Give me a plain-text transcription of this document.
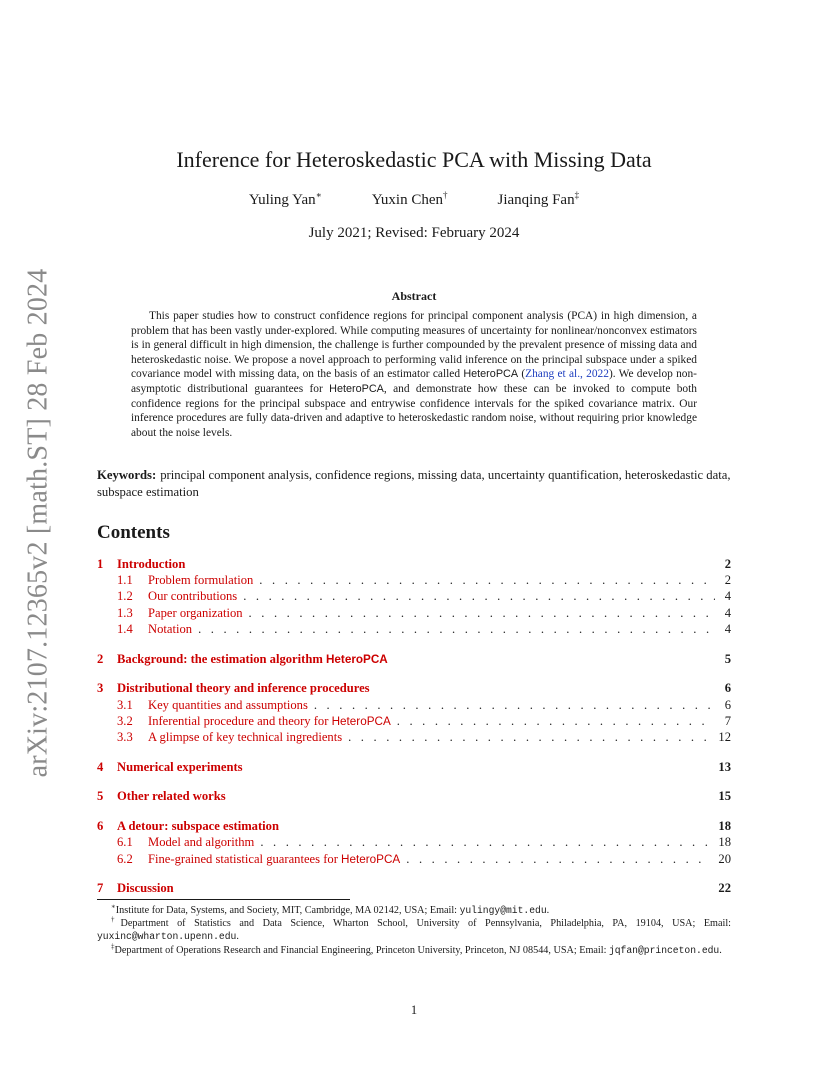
arXiv:2107.12365v2 [math.ST] 28 Feb 2024
Inference for Heteroskedastic PCA with Missing Data
Yuling Yan∗	Yuxin Chen†	Jianqing Fan‡
July 2021; Revised: February 2024
Abstract
This paper studies how to construct confidence regions for principal component analysis (PCA) in high dimension, a problem that has been vastly under-explored. While computing measures of uncertainty for nonlinear/nonconvex estimators is in general difficult in high dimension, the challenge is further compounded by the prevalent presence of missing data and heteroskedastic noise. We propose a novel approach to performing valid inference on the principal subspace under a spiked covariance model with missing data, on the basis of an estimator called HeteroPCA (Zhang et al., 2022). We develop non-asymptotic distributional guarantees for HeteroPCA, and demonstrate how these can be invoked to compute both confidence regions for the principal subspace and entrywise confidence intervals for the spiked covariance matrix. Our inference procedures are fully data-driven and adaptive to heteroskedastic random noise, without requiring prior knowledge about the noise levels.
Keywords: principal component analysis, confidence regions, missing data, uncertainty quantification, heteroskedastic data, subspace estimation
Contents
1	Introduction	2
1.1	Problem formulation . . .	2
1.2	Our contributions . . .	4
1.3	Paper organization . . .	4
1.4	Notation . . .	4
2	Background: the estimation algorithm HeteroPCA	5
3	Distributional theory and inference procedures	6
3.1	Key quantities and assumptions . . .	6
3.2	Inferential procedure and theory for HeteroPCA . . .	7
3.3	A glimpse of key technical ingredients . . .	12
4	Numerical experiments	13
5	Other related works	15
6	A detour: subspace estimation	18
6.1	Model and algorithm . . .	18
6.2	Fine-grained statistical guarantees for HeteroPCA . . .	20
7	Discussion	22

∗Institute for Data, Systems, and Society, MIT, Cambridge, MA 02142, USA; Email: yulingy@mit.edu.

†Department of Statistics and Data Science, Wharton School, University of Pennsylvania, Philadelphia, PA, 19104, USA; Email: yuxinc@wharton.upenn.edu.

‡Department of Operations Research and Financial Engineering, Princeton University, Princeton, NJ 08544, USA; Email: jqfan@princeton.edu.

1
